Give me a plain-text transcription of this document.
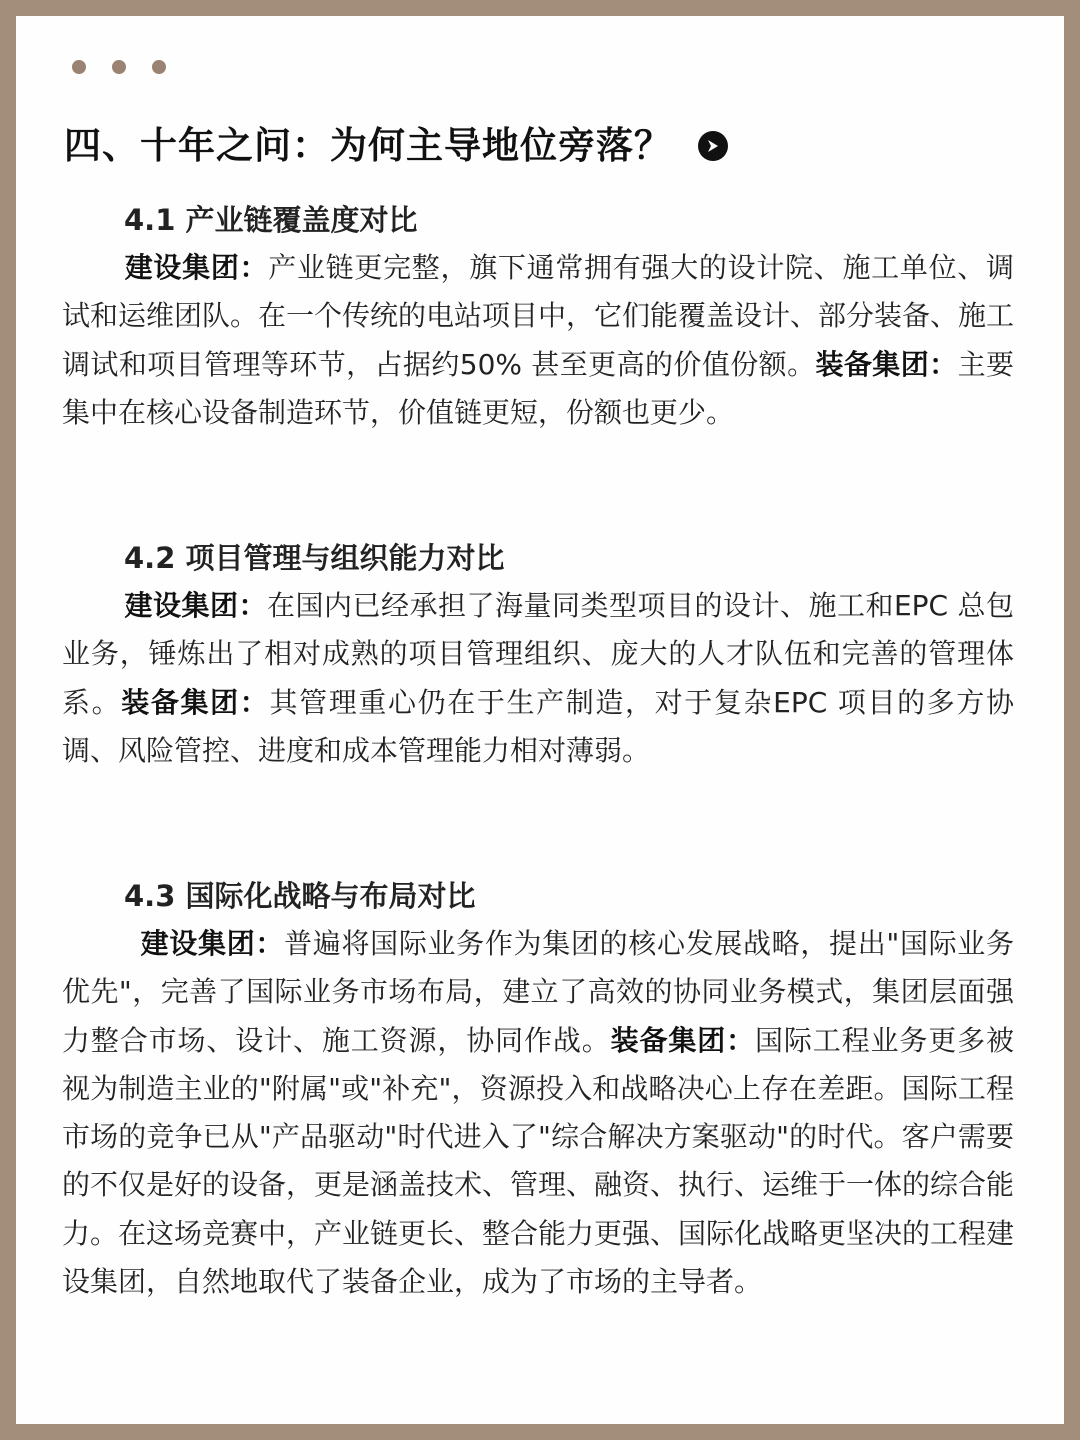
四、十年之问：为何主导地位旁落？
4.1 产业链覆盖度对比
建设集团：产业链更完整，旗下通常拥有强大的设计院、施工单位、调试和运维团队。在一个传统的电站项目中，它们能覆盖设计、部分装备、施工调试和项目管理等环节，占据约50% 甚至更高的价值份额。装备集团：主要集中在核心设备制造环节，价值链更短，份额也更少。
4.2 项目管理与组织能力对比
建设集团：在国内已经承担了海量同类型项目的设计、施工和EPC 总包业务，锤炼出了相对成熟的项目管理组织、庞大的人才队伍和完善的管理体系。装备集团：其管理重心仍在于生产制造，对于复杂EPC 项目的多方协调、风险管控、进度和成本管理能力相对薄弱。
4.3 国际化战略与布局对比
建设集团：普遍将国际业务作为集团的核心发展战略，提出"国际业务优先"，完善了国际业务市场布局，建立了高效的协同业务模式，集团层面强力整合市场、设计、施工资源，协同作战。装备集团：国际工程业务更多被视为制造主业的"附属"或"补充"，资源投入和战略决心上存在差距。国际工程市场的竞争已从"产品驱动"时代进入了"综合解决方案驱动"的时代。客户需要的不仅是好的设备，更是涵盖技术、管理、融资、执行、运维于一体的综合能力。在这场竞赛中，产业链更长、整合能力更强、国际化战略更坚决的工程建设集团，自然地取代了装备企业，成为了市场的主导者。
